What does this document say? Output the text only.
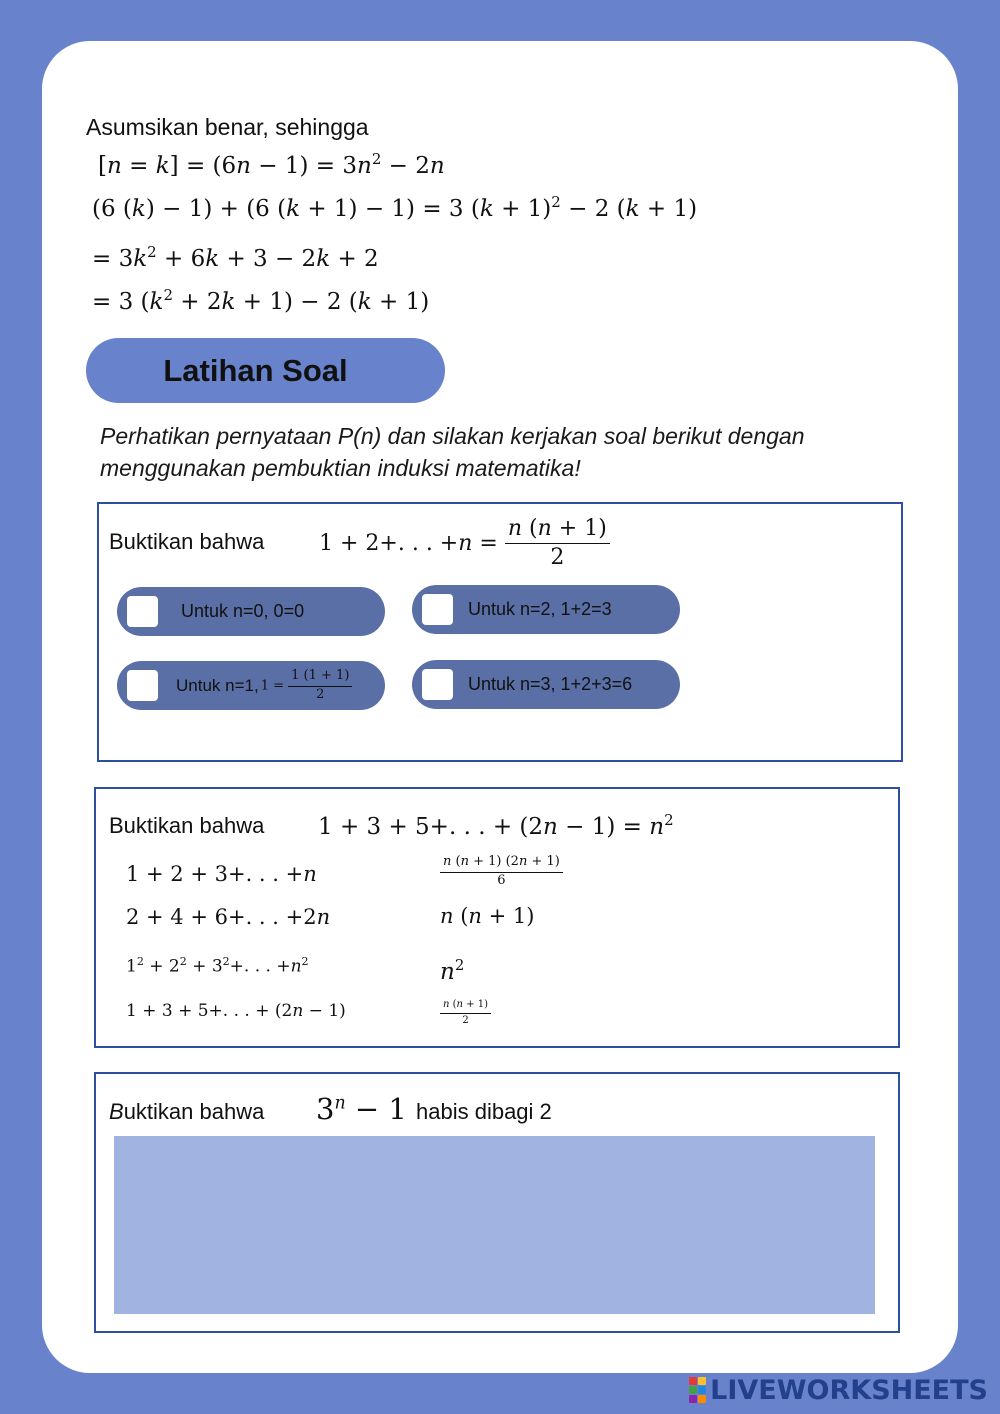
Asumsikan benar, sehingga
$[n = k] = (6n - 1) = 3n^2 - 2n$
(6 (k) − 1) + (6 (k + 1) − 1) = 3 $(k + 1)^2 - 2$ (k + 1)
= $3k^2 + 6k + 3 - 2k + 2$
= 3 $(k^2 + 2k + 1) - 2$ (k + 1)
Latihan Soal
Perhatikan pernyataan P(n) dan silakan kerjakan soal berikut dengan menggunakan pembuktian induksi matematika!
Buktikan bahwa 1 + 2+. . . $+n = \frac{n (n + 1)}{2}$
Untuk n=0, 0=0	Untuk n=2, 1+2=3
Untuk n=1, $1 = \frac{1 (1 + 1)}{2}$	Untuk n=3, 1+2+3=6
Buktikan bahwa 1 + 3 + 5+. . . + $(2n - 1) = n^2$
1 + 2 + 3+. . . +n
2 + 4 + 6+. . . +2n
$1^2 + 2^2 + 3^2+$. . . $+n^2$
1 + 3 + 5+. . . + (2n − 1)
$\frac{n (n + 1) (2n + 1)}{6}$
n (n + 1)
$n^2$
$\frac{n (n + 1)}{2}$
Buktikan bahwa $3^n - 1$ habis dibagi 2
LIVEWORKSHEETS
